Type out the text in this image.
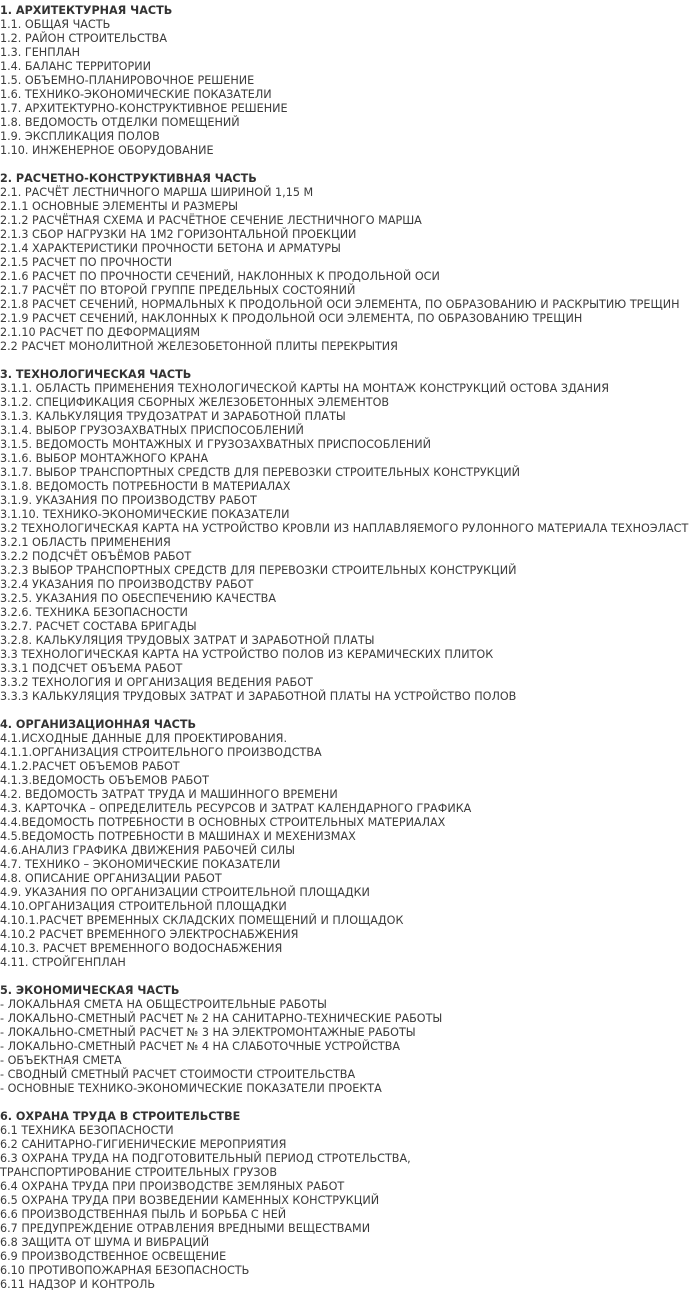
1. АРХИТЕКТУРНАЯ ЧАСТЬ
1.1. ОБЩАЯ ЧАСТЬ
1.2. РАЙОН СТРОИТЕЛЬСТВА
1.3. ГЕНПЛАН
1.4. БАЛАНС ТЕРРИТОРИИ
1.5. ОБЪЕМНО-ПЛАНИРОВОЧНОЕ РЕШЕНИЕ
1.6. ТЕХНИКО-ЭКОНОМИЧЕСКИЕ ПОКАЗАТЕЛИ
1.7. АРХИТЕКТУРНО-КОНСТРУКТИВНОЕ РЕШЕНИЕ
1.8. ВЕДОМОСТЬ ОТДЕЛКИ ПОМЕЩЕНИЙ
1.9. ЭКСПЛИКАЦИЯ ПОЛОВ
1.10. ИНЖЕНЕРНОЕ ОБОРУДОВАНИЕ
2. РАСЧЕТНО-КОНСТРУКТИВНАЯ ЧАСТЬ
2.1. РАСЧЁТ ЛЕСТНИЧНОГО МАРША ШИРИНОЙ 1,15 М
2.1.1 ОСНОВНЫЕ ЭЛЕМЕНТЫ И РАЗМЕРЫ
2.1.2 РАСЧЁТНАЯ СХЕМА И РАСЧЁТНОЕ СЕЧЕНИЕ ЛЕСТНИЧНОГО МАРША
2.1.3 СБОР НАГРУЗКИ НА 1М2 ГОРИЗОНТАЛЬНОЙ ПРОЕКЦИИ
2.1.4 ХАРАКТЕРИСТИКИ ПРОЧНОСТИ БЕТОНА И АРМАТУРЫ
2.1.5 РАСЧЕТ ПО ПРОЧНОСТИ
2.1.6 РАСЧЕТ ПО ПРОЧНОСТИ СЕЧЕНИЙ, НАКЛОННЫХ К ПРОДОЛЬНОЙ ОСИ
2.1.7 РАСЧЁТ ПО ВТОРОЙ ГРУППЕ ПРЕДЕЛЬНЫХ СОСТОЯНИЙ
2.1.8 РАСЧЕТ СЕЧЕНИЙ, НОРМАЛЬНЫХ К ПРОДОЛЬНОЙ ОСИ ЭЛЕМЕНТА, ПО ОБРАЗОВАНИЮ И РАСКРЫТИЮ ТРЕЩИН
2.1.9 РАСЧЕТ СЕЧЕНИЙ, НАКЛОННЫХ К ПРОДОЛЬНОЙ ОСИ ЭЛЕМЕНТА, ПО ОБРАЗОВАНИЮ ТРЕЩИН
2.1.10 РАСЧЕТ ПО ДЕФОРМАЦИЯМ
2.2 РАСЧЕТ МОНОЛИТНОЙ ЖЕЛЕЗОБЕТОННОЙ ПЛИТЫ ПЕРЕКРЫТИЯ
3. ТЕХНОЛОГИЧЕСКАЯ ЧАСТЬ
3.1.1. ОБЛАСТЬ ПРИМЕНЕНИЯ ТЕХНОЛОГИЧЕСКОЙ КАРТЫ НА МОНТАЖ КОНСТРУКЦИЙ ОСТОВА ЗДАНИЯ
3.1.2. СПЕЦИФИКАЦИЯ СБОРНЫХ ЖЕЛЕЗОБЕТОННЫХ ЭЛЕМЕНТОВ
3.1.3. КАЛЬКУЛЯЦИЯ ТРУДОЗАТРАТ И ЗАРАБОТНОЙ ПЛАТЫ
3.1.4. ВЫБОР ГРУЗОЗАХВАТНЫХ ПРИСПОСОБЛЕНИЙ
3.1.5. ВЕДОМОСТЬ МОНТАЖНЫХ И ГРУЗОЗАХВАТНЫХ ПРИСПОСОБЛЕНИЙ
3.1.6. ВЫБОР МОНТАЖНОГО КРАНА
3.1.7. ВЫБОР ТРАНСПОРТНЫХ СРЕДСТВ ДЛЯ ПЕРЕВОЗКИ СТРОИТЕЛЬНЫХ КОНСТРУКЦИЙ
3.1.8. ВЕДОМОСТЬ ПОТРЕБНОСТИ В МАТЕРИАЛАХ
3.1.9. УКАЗАНИЯ ПО ПРОИЗВОДСТВУ РАБОТ
3.1.10. ТЕХНИКО-ЭКОНОМИЧЕСКИЕ ПОКАЗАТЕЛИ
3.2 ТЕХНОЛОГИЧЕСКАЯ КАРТА НА УСТРОЙСТВО КРОВЛИ ИЗ НАПЛАВЛЯЕМОГО РУЛОННОГО МАТЕРИАЛА ТЕХНОЭЛАСТ
3.2.1 ОБЛАСТЬ ПРИМЕНЕНИЯ
3.2.2 ПОДСЧЁТ ОБЪЁМОВ РАБОТ
3.2.3 ВЫБОР ТРАНСПОРТНЫХ СРЕДСТВ ДЛЯ ПЕРЕВОЗКИ СТРОИТЕЛЬНЫХ КОНСТРУКЦИЙ
3.2.4 УКАЗАНИЯ ПО ПРОИЗВОДСТВУ РАБОТ
3.2.5. УКАЗАНИЯ ПО ОБЕСПЕЧЕНИЮ КАЧЕСТВА
3.2.6. ТЕХНИКА БЕЗОПАСНОСТИ
3.2.7. РАСЧЕТ СОСТАВА БРИГАДЫ
3.2.8. КАЛЬКУЛЯЦИЯ ТРУДОВЫХ ЗАТРАТ И ЗАРАБОТНОЙ ПЛАТЫ
3.3 ТЕХНОЛОГИЧЕСКАЯ КАРТА НА УСТРОЙСТВО ПОЛОВ ИЗ КЕРАМИЧЕСКИХ ПЛИТОК
3.3.1 ПОДСЧЕТ ОБЪЕМА РАБОТ
3.3.2 ТЕХНОЛОГИЯ И ОРГАНИЗАЦИЯ ВЕДЕНИЯ РАБОТ
3.3.3 КАЛЬКУЛЯЦИЯ ТРУДОВЫХ ЗАТРАТ И ЗАРАБОТНОЙ ПЛАТЫ НА УСТРОЙСТВО ПОЛОВ
4. ОРГАНИЗАЦИОННАЯ ЧАСТЬ
4.1.ИСХОДНЫЕ ДАННЫЕ ДЛЯ ПРОЕКТИРОВАНИЯ.
4.1.1.ОРГАНИЗАЦИЯ СТРОИТЕЛЬНОГО ПРОИЗВОДСТВА
4.1.2.РАСЧЕТ ОБЪЕМОВ РАБОТ
4.1.3.ВЕДОМОСТЬ ОБЪЕМОВ РАБОТ
4.2. ВЕДОМОСТЬ ЗАТРАТ ТРУДА И МАШИННОГО ВРЕМЕНИ
4.3. КАРТОЧКА – ОПРЕДЕЛИТЕЛЬ РЕСУРСОВ И ЗАТРАТ КАЛЕНДАРНОГО ГРАФИКА
4.4.ВЕДОМОСТЬ ПОТРЕБНОСТИ В ОСНОВНЫХ СТРОИТЕЛЬНЫХ МАТЕРИАЛАХ
4.5.ВЕДОМОСТЬ ПОТРЕБНОСТИ В МАШИНАХ И МЕХЕНИЗМАХ
4.6.АНАЛИЗ ГРАФИКА ДВИЖЕНИЯ РАБОЧЕЙ СИЛЫ
4.7. ТЕХНИКО – ЭКОНОМИЧЕСКИЕ ПОКАЗАТЕЛИ
4.8. ОПИСАНИЕ ОРГАНИЗАЦИИ РАБОТ
4.9. УКАЗАНИЯ ПО ОРГАНИЗАЦИИ СТРОИТЕЛЬНОЙ ПЛОЩАДКИ
4.10.ОРГАНИЗАЦИЯ СТРОИТЕЛЬНОЙ ПЛОЩАДКИ
4.10.1.РАСЧЕТ ВРЕМЕННЫХ СКЛАДСКИХ ПОМЕЩЕНИЙ И ПЛОЩАДОК
4.10.2 РАСЧЕТ ВРЕМЕННОГО ЭЛЕКТРОСНАБЖЕНИЯ
4.10.3. РАСЧЕТ ВРЕМЕННОГО ВОДОСНАБЖЕНИЯ
4.11. СТРОЙГЕНПЛАН
5. ЭКОНОМИЧЕСКАЯ ЧАСТЬ
- ЛОКАЛЬНАЯ СМЕТА НА ОБЩЕСТРОИТЕЛЬНЫЕ РАБОТЫ
- ЛОКАЛЬНО-СМЕТНЫЙ РАСЧЕТ № 2 НА САНИТАРНО-ТЕХНИЧЕСКИЕ РАБОТЫ
- ЛОКАЛЬНО-СМЕТНЫЙ РАСЧЕТ № 3 НА ЭЛЕКТРОМОНТАЖНЫЕ РАБОТЫ
- ЛОКАЛЬНО-СМЕТНЫЙ РАСЧЕТ № 4 НА СЛАБОТОЧНЫЕ УСТРОЙСТВА
- ОБЪЕКТНАЯ СМЕТА
- СВОДНЫЙ СМЕТНЫЙ РАСЧЕТ СТОИМОСТИ СТРОИТЕЛЬСТВА
- ОСНОВНЫЕ ТЕХНИКО-ЭКОНОМИЧЕСКИЕ ПОКАЗАТЕЛИ ПРОЕКТА
6. ОХРАНА ТРУДА В СТРОИТЕЛЬСТВЕ
6.1 ТЕХНИКА БЕЗОПАСНОСТИ
6.2 САНИТАРНО-ГИГИЕНИЧЕСКИЕ МЕРОПРИЯТИЯ
6.3 ОХРАНА ТРУДА НА ПОДГОТОВИТЕЛЬНЫЙ ПЕРИОД СТРОТЕЛЬСТВА,
ТРАНСПОРТИРОВАНИЕ СТРОИТЕЛЬНЫХ ГРУЗОВ
6.4 ОХРАНА ТРУДА ПРИ ПРОИЗВОДСТВЕ ЗЕМЛЯНЫХ РАБОТ
6.5 ОХРАНА ТРУДА ПРИ ВОЗВЕДЕНИИ КАМЕННЫХ КОНСТРУКЦИЙ
6.6 ПРОИЗВОДСТВЕННАЯ ПЫЛЬ И БОРЬБА С НЕЙ
6.7 ПРЕДУПРЕЖДЕНИЕ ОТРАВЛЕНИЯ ВРЕДНЫМИ ВЕЩЕСТВАМИ
6.8 ЗАЩИТА ОТ ШУМА И ВИБРАЦИЙ
6.9 ПРОИЗВОДСТВЕННОЕ ОСВЕЩЕНИЕ
6.10 ПРОТИВОПОЖАРНАЯ БЕЗОПАСНОСТЬ
6.11 НАДЗОР И КОНТРОЛЬ
